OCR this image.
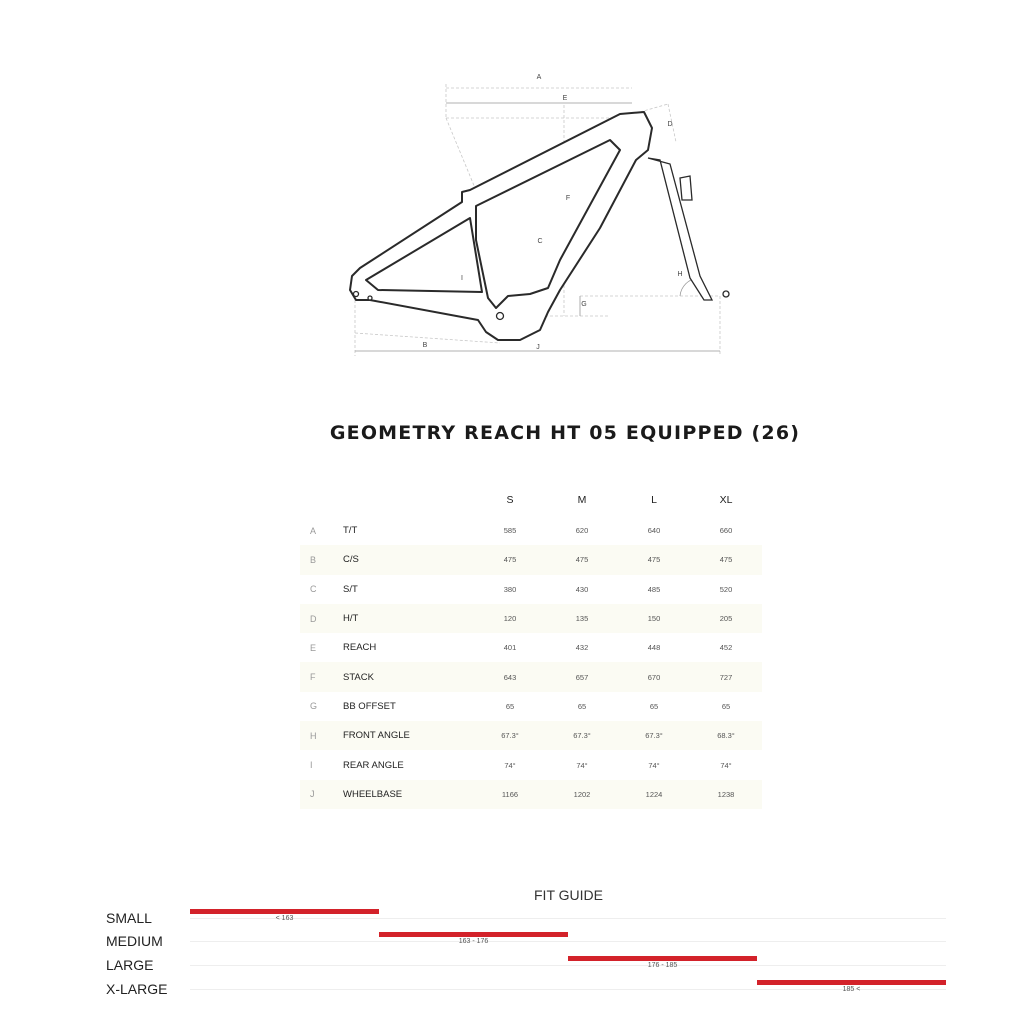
A
E
D
F
C
I
H
G
B	J
GEOMETRY REACH HT 05 EQUIPPED (26)
S	M	L	XL
A	T/T	585	620	640	660
B	C/S	475	475	475	475
C	S/T	380	430	485	520
D	H/T	120	135	150	205
E	REACH	401	432	448	452
F	STACK	643	657	670	727
G	BB OFFSET	65	65	65	65
H	FRONT ANGLE	67.3°	67.3°	67.3°	68.3°
I	REAR ANGLE	74°	74°	74°	74°
J	WHEELBASE	1166	1202	1224	1238
FIT GUIDE
SMALL	< 163
MEDIUM	163 - 176
LARGE	176 - 185
X-LARGE	185 <
